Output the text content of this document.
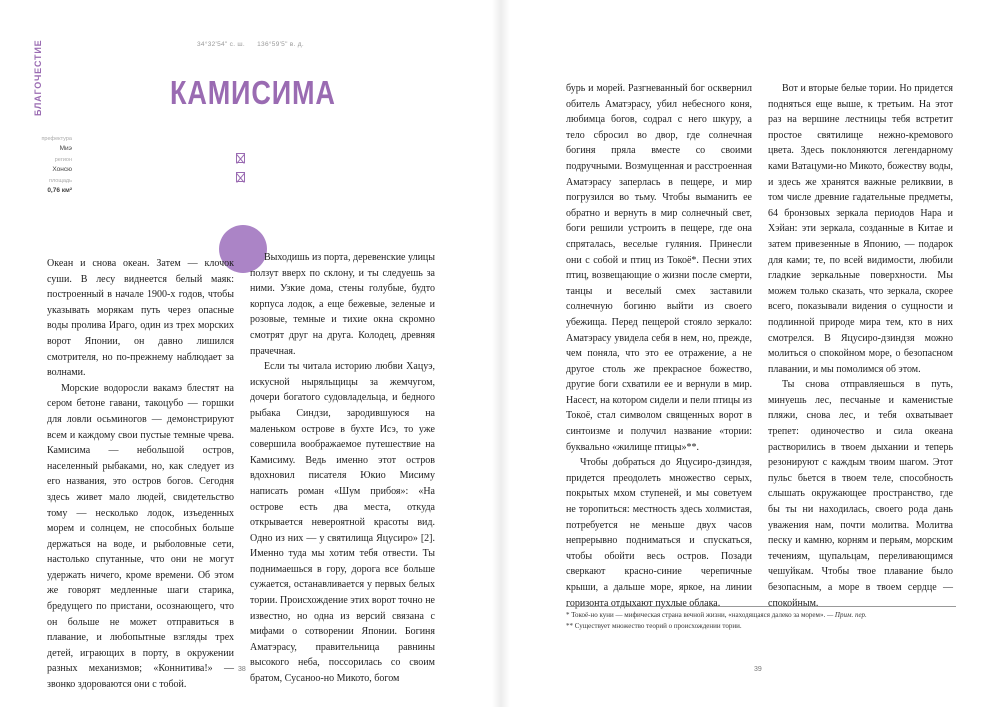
БЛАГОЧЕСТИЕ	34°32'54" с. ш. 136°59'5" в. д.
КАМИСИМА
префектура
Миэ
регион
Хонсю
площадь
0,76 км²

Океан и снова океан. Затем — клочок суши. В лесу виднеется белый маяк: построенный в начале 1900-х годов, чтобы указывать морякам путь через опасные воды пролива Ирагo, один из трех морских ворот Японии, он давно лишился смотрителя, но по-прежнему наблюдает за волнами.

Морские водоросли вакамэ блестят на сером бетоне гавани, такоцубо — горшки для ловли осьминогов — демонстрируют всем и каждому свои пустые темные чрева. Камисима — небольшой остров, населенный рыбаками, но, как следует из его названия, это остров богов. Сегодня здесь живет мало людей, свидетельство тому — несколько лодок, изъеденных морем и солнцем, не способных больше держаться на воде, и рыболовные сети, настолько спутанные, что они не могут удержать ничего, кроме времени. Об этом же говорят медленные шаги старика, бредущего по пристани, осознающего, что он больше не может отправиться в плавание, и любопытные взгляды трех детей, играющих в порту, в окружении разных механизмов; «Коннитива!» — звонко здороваются они с тобой.

Выходишь из порта, деревенские улицы ползут вверх по склону, и ты следуешь за ними. Узкие дома, стены голубые, будто корпуса лодок, а еще бежевые, зеленые и розовые, темные и тихие окна скромно смотрят друг на друга. Колодец, древняя прачечная.

Если ты читала историю любви Хацуэ, искусной ныряльщицы за жемчугом, дочери богатого судовладельца, и бедного рыбака Синдзи, зародившуюся на маленьком острове в бухте Исэ, то уже совершила воображаемое путешествие на Камисиму. Ведь именно этот остров вдохновил писателя Юкио Мисиму написать роман «Шум прибоя»: «На острове есть два места, откуда открывается невероятной красоты вид. Одно из них — у святилища Яцусиро» [2]. Именно туда мы хотим тебя отвести. Ты поднимаешься в гору, дорога все больше сужается, останавливается у первых белых тории. Происхождение этих ворот точно не известно, но одна из версий связана с мифами о сотворении Японии. Богиня Аматэрасу, правительница равнины высокого неба, поссорилась со своим братом, Сусаноо-но Микото, богом

38

бурь и морей. Разгневанный бог осквернил обитель Аматэрасу, убил небесного коня, любимца богов, содрал с него шкуру, а тело сбросил во двор, где солнечная богиня пряла вместе со своими подручными. Возмущенная и расстроенная Аматэрасу заперлась в пещере, и мир погрузился во тьму. Чтобы выманить ее обратно и вернуть в мир солнечный свет, боги решили устроить в пещере, где она спряталась, веселые гуляния. Принесли они с собой и птиц из Токоё*. Песни этих птиц, возвещающие о жизни после смерти, танцы и веселый смех заставили солнечную богиню выйти из своего убежища. Перед пещерой стояло зеркало: Аматэрасу увидела себя в нем, но, прежде, чем поняла, что это ее отражение, а не другое столь же прекрасное божество, другие боги схватили ее и вернули в мир. Насест, на котором сидели и пели птицы из Токоё, стал символом священных ворот в синтоизме и получил название «тории: буквально «жилище птицы»**.

Чтобы добраться до Яцусиро-дзиндзя, придется преодолеть множество серых, покрытых мхом ступеней, и мы советуем не торопиться: местность здесь холмистая, потребуется не меньше двух часов непрерывно подниматься и спускаться, чтобы обойти весь остров. Позади сверкают красно-синие черепичные крыши, а дальше море, яркое, на линии горизонта отдыхают пухлые облака.

Вот и вторые белые тории. Но придется подняться еще выше, к третьим. На этот раз на вершине лестницы тебя встретит простое святилище нежно-кремового цвета. Здесь поклоняются легендарному ками Ватацуми-но Микото, божеству воды, и здесь же хранятся важные реликвии, в том числе древние гадательные предметы, 64 бронзовых зеркала периодов Нара и Хэйан: эти зеркала, созданные в Китае и затем привезенные в Японию, — подарок для ками; те, по всей видимости, любили гладкие зеркальные поверхности. Мы можем только сказать, что зеркала, скорее всего, показывали видения о сущности и подлинной природе мира тем, кто в них смотрелся. В Яцусиро-дзиндзя можно молиться о спокойном море, о безопасном плавании, и мы помолимся об этом.

Ты снова отправляешься в путь, минуешь лес, песчаные и каменистые пляжи, снова лес, и тебя охватывает трепет: одиночество и сила океана растворились в твоем дыхании и теперь резонируют с каждым твоим шагом. Этот пульс бьется в твоем теле, способность слышать окружающее пространство, где бы ты ни находилась, своего рода дань уважения нам, почти молитва. Молитва песку и камню, корням и перьям, морским течениям, щупальцам, переливающимся чешуйкам. Чтобы твое плавание было безопасным, а море в твоем сердце — спокойным.

* Токоё-но куни — мифическая страна вечной жизни, «находящаяся далеко за морем». — Прим. пер.

** Существует множество теорий о происхождении тории.

39
